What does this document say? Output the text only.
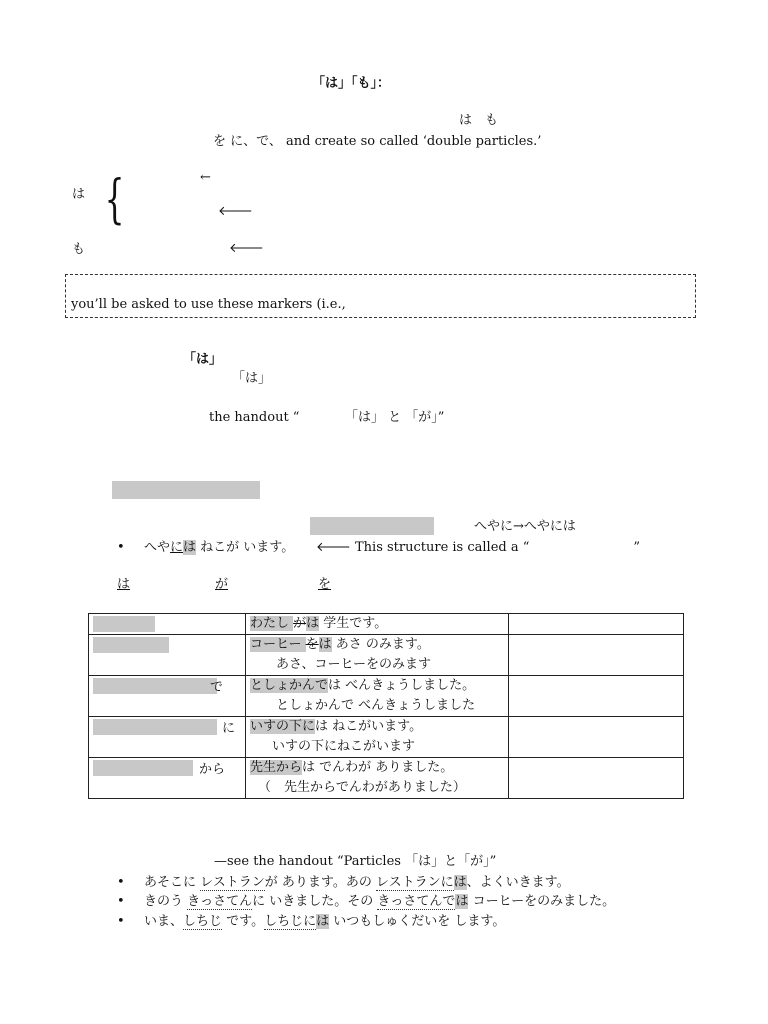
「は」「も」：
は　も
を に、で、 and create so called ‘double particles.’
は {	←
🡐
も	🡐
you’ll be asked to use these markers (i.e.,
「は」
「は」
the handout “　　　　「は」 と 「が」”
へやに→へやには
• へやには ねこが います。 🡐 This structure is called a “　　　　　　　　”
は	が	を

	わたし がは 学生です。	

	コーヒー をは あさ のみます。
あさ、コーヒーをのみます	

で	としょかんでは べんきょうしました。
としょかんで べんきょうしました	

に	いすの下には ねこがいます。
いすの下にねこがいます	

から	先生からは でんわが ありました。
（　先生からでんわがありました）	

—see the handout “Particles 「は」と「が」”
• あそこに レストランが あります。あの レストランには、よくいきます。
• きのう きっさてんに いきました。その きっさてんでは コーヒーをのみました。
• いま、しちじ です。しちじには いつもしゅくだいを します。
